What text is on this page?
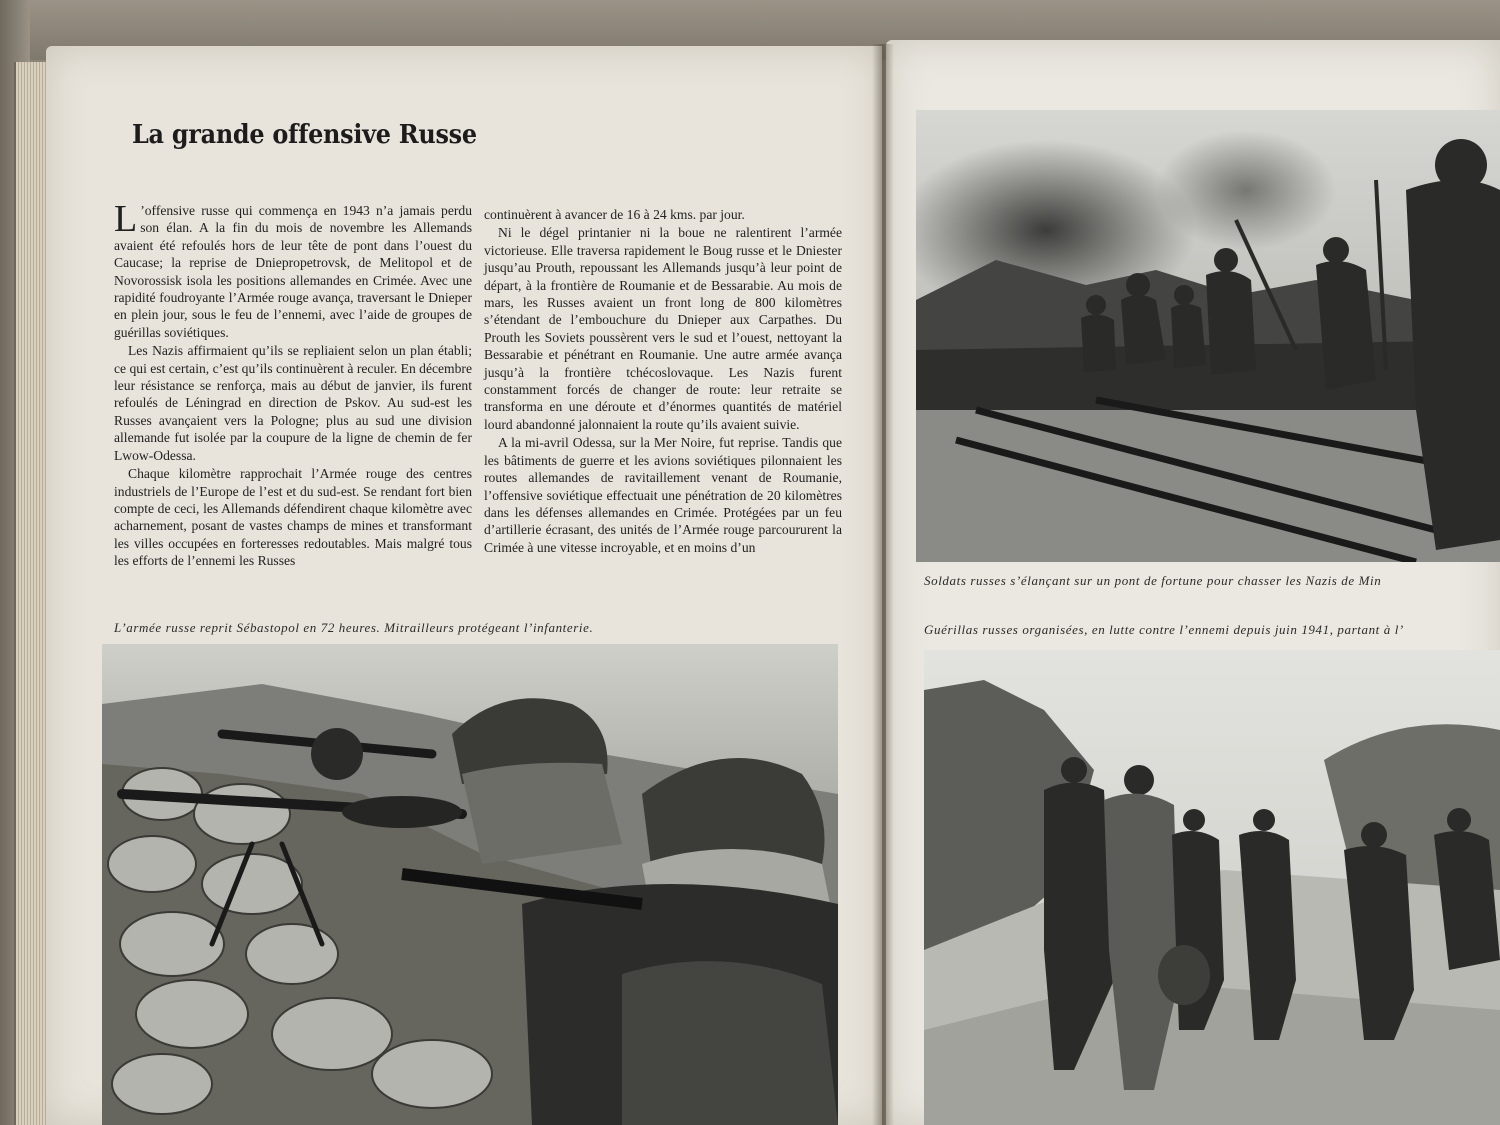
La grande offensive Russe

L ’offensive russe qui commença en 1943 n’a jamais perdu son élan. A la fin du mois de novembre les Allemands avaient été refoulés hors de leur tête de pont dans l’ouest du Caucase; la reprise de Dniepropetrovsk, de Melitopol et de Novorossisk isola les positions allemandes en Crimée. Avec une rapidité foudroyante l’Armée rouge avança, traversant le Dnieper en plein jour, sous le feu de l’ennemi, avec l’aide de groupes de guérillas soviétiques.

Les Nazis affirmaient qu’ils se repliaient selon un plan établi; ce qui est certain, c’est qu’ils continuèrent à reculer. En décembre leur résistance se renforça, mais au début de janvier, ils furent refoulés de Léningrad en direction de Pskov. Au sud-est les Russes avançaient vers la Pologne; plus au sud une division allemande fut isolée par la coupure de la ligne de chemin de fer Lwow-Odessa.

Chaque kilomètre rapprochait l’Armée rouge des centres industriels de l’Europe de l’est et du sud-est. Se rendant fort bien compte de ceci, les Allemands défendirent chaque kilomètre avec acharnement, posant de vastes champs de mines et transformant les villes occupées en forteresses redoutables. Mais malgré tous les efforts de l’ennemi les Russes

continuèrent à avancer de 16 à 24 kms. par jour.

Ni le dégel printanier ni la boue ne ralentirent l’armée victorieuse. Elle traversa rapidement le Boug russe et le Dniester jusqu’au Prouth, repoussant les Allemands jusqu’à leur point de départ, à la frontière de Roumanie et de Bessarabie. Au mois de mars, les Russes avaient un front long de 800 kilomètres s’étendant de l’embouchure du Dnieper aux Carpathes. Du Prouth les Soviets poussèrent vers le sud et l’ouest, nettoyant la Bessarabie et pénétrant en Roumanie. Une autre armée avança jusqu’à la frontière tchécoslovaque. Les Nazis furent constamment forcés de changer de route: leur retraite se transforma en une déroute et d’énormes quantités de matériel lourd abandonné jalonnaient la route qu’ils avaient suivie.

A la mi-avril Odessa, sur la Mer Noire, fut reprise. Tandis que les bâtiments de guerre et les avions soviétiques pilonnaient les routes allemandes de ravitaillement venant de Roumanie, l’offensive soviétique effectuait une pénétration de 20 kilomètres dans les défenses allemandes en Crimée. Protégées par un feu d’artillerie écrasant, des unités de l’Armée rouge parcoururent la Crimée à une vitesse incroyable, et en moins d’un

L’armée russe reprit Sébastopol en 72 heures. Mitrailleurs protégeant l’infanterie.

Soldats russes s’élançant sur un pont de fortune pour chasser les Nazis de Min

Guérillas russes organisées, en lutte contre l’ennemi depuis juin 1941, partant à l’
